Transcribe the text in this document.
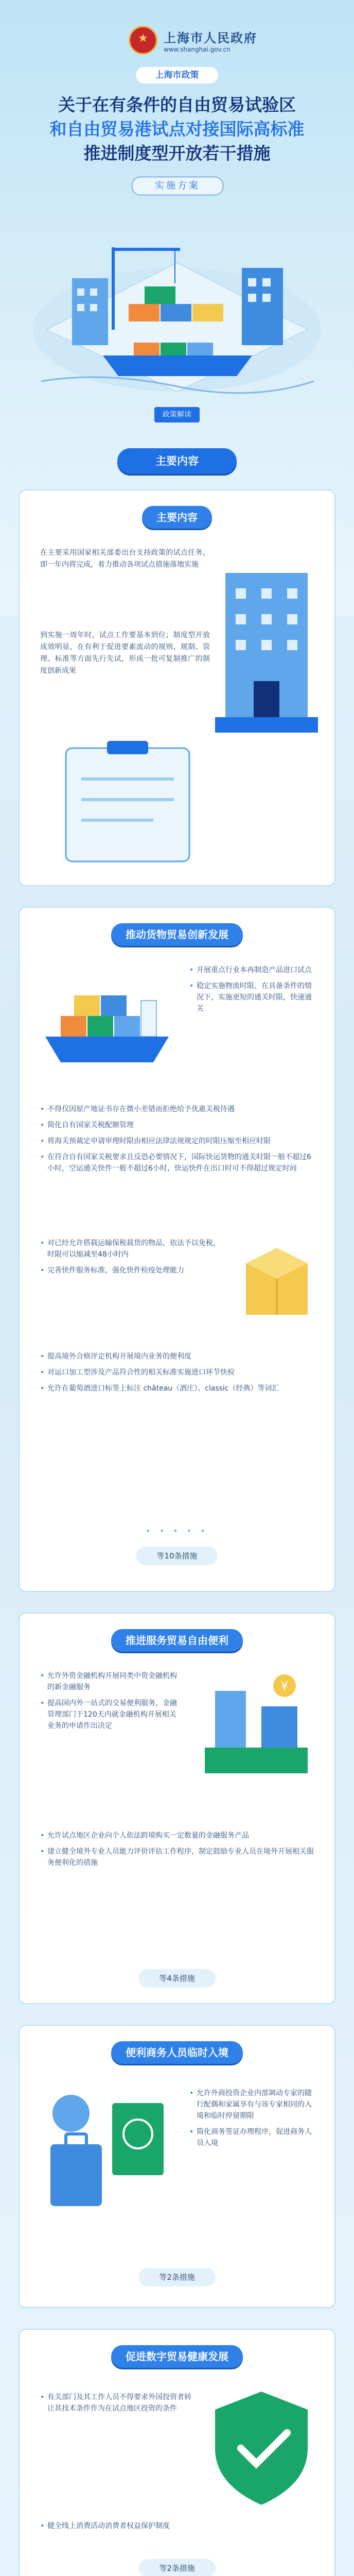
★
上海市人民政府
www.shanghai.gov.cn
上海市政策
关于在有条件的自由贸易试验区
和自由贸易港试点对接国际高标准
推进制度型开放若干措施
实施方案
政策解读
主要内容
主要内容
在主要采用国家相关部委出台支持政策的试点任务，即一年内将完成，着力推动各项试点措施落地实施
到实施一周年时，试点工作要基本到位；制度型开放成效明显，在有利于促进要素流动的规则、规制、管理、标准等方面先行先试，形成一批可复制推广的制度创新成果
推动货物贸易创新发展
• 开展重点行业本再制造产品进口试点
• 稳定实施物流时限、在具备条件的情况下，实施更短的通关时限，快速通关
• 不得仅因原产地证书存在微小差错而拒绝给予优惠关税待遇
• 简化自有国家关税配额管理
• 将海关预裁定申请审理时限由相应法律法规规定的时限压缩至相应时限
• 在符合自有国家关税要求且反恐必要情况下，国际快运货物的通关时限一般不超过6小时，空运通关快件一般不超过6小时，快运快件在出口时可不得超过规定时间
• 对已经允许搭载运输保税载货的物品，依法予以免税，时限可以缩减至48小时内
• 完善快件服务标准，强化快件检疫处理能力
• 提高境外合格评定机构开展境内业务的便利度
• 对运口加工型涉及产品符合性的相关标准实施进口环节快检
• 允许在葡萄酒进口标签上标注 château（酒庄）、classic（经典）等词汇
• • • • •
等10条措施
推进服务贸易自由便利
• 允许外资金融机构开展同类中资金融机构的新金融服务
• 提高国内外一站式的交易便利服务，金融管理部门于120天内就金融机构开展相关业务的申请作出决定
¥
• 允许试点地区企业向个人依法跨境购买一定数量的金融服务产品
• 建立健全境外专业人员能力评价评估工作程序，制定鼓励专业人员在境外开展相关服务便利化的措施
等4条措施
便利商务人员临时入境
• 允许外商投资企业内部调动专家的随行配偶和家属享有与该专家相同的入境和临时停留期限
• 简化商务签证办理程序，促进商务人员入境
等2条措施
促进数字贸易健康发展
• 有关部门及其工作人员不得要求外国投资者转让其技术条件作为在试点地区投资的条件
• 健全线上消费活动消费者权益保护制度
等2条措施
